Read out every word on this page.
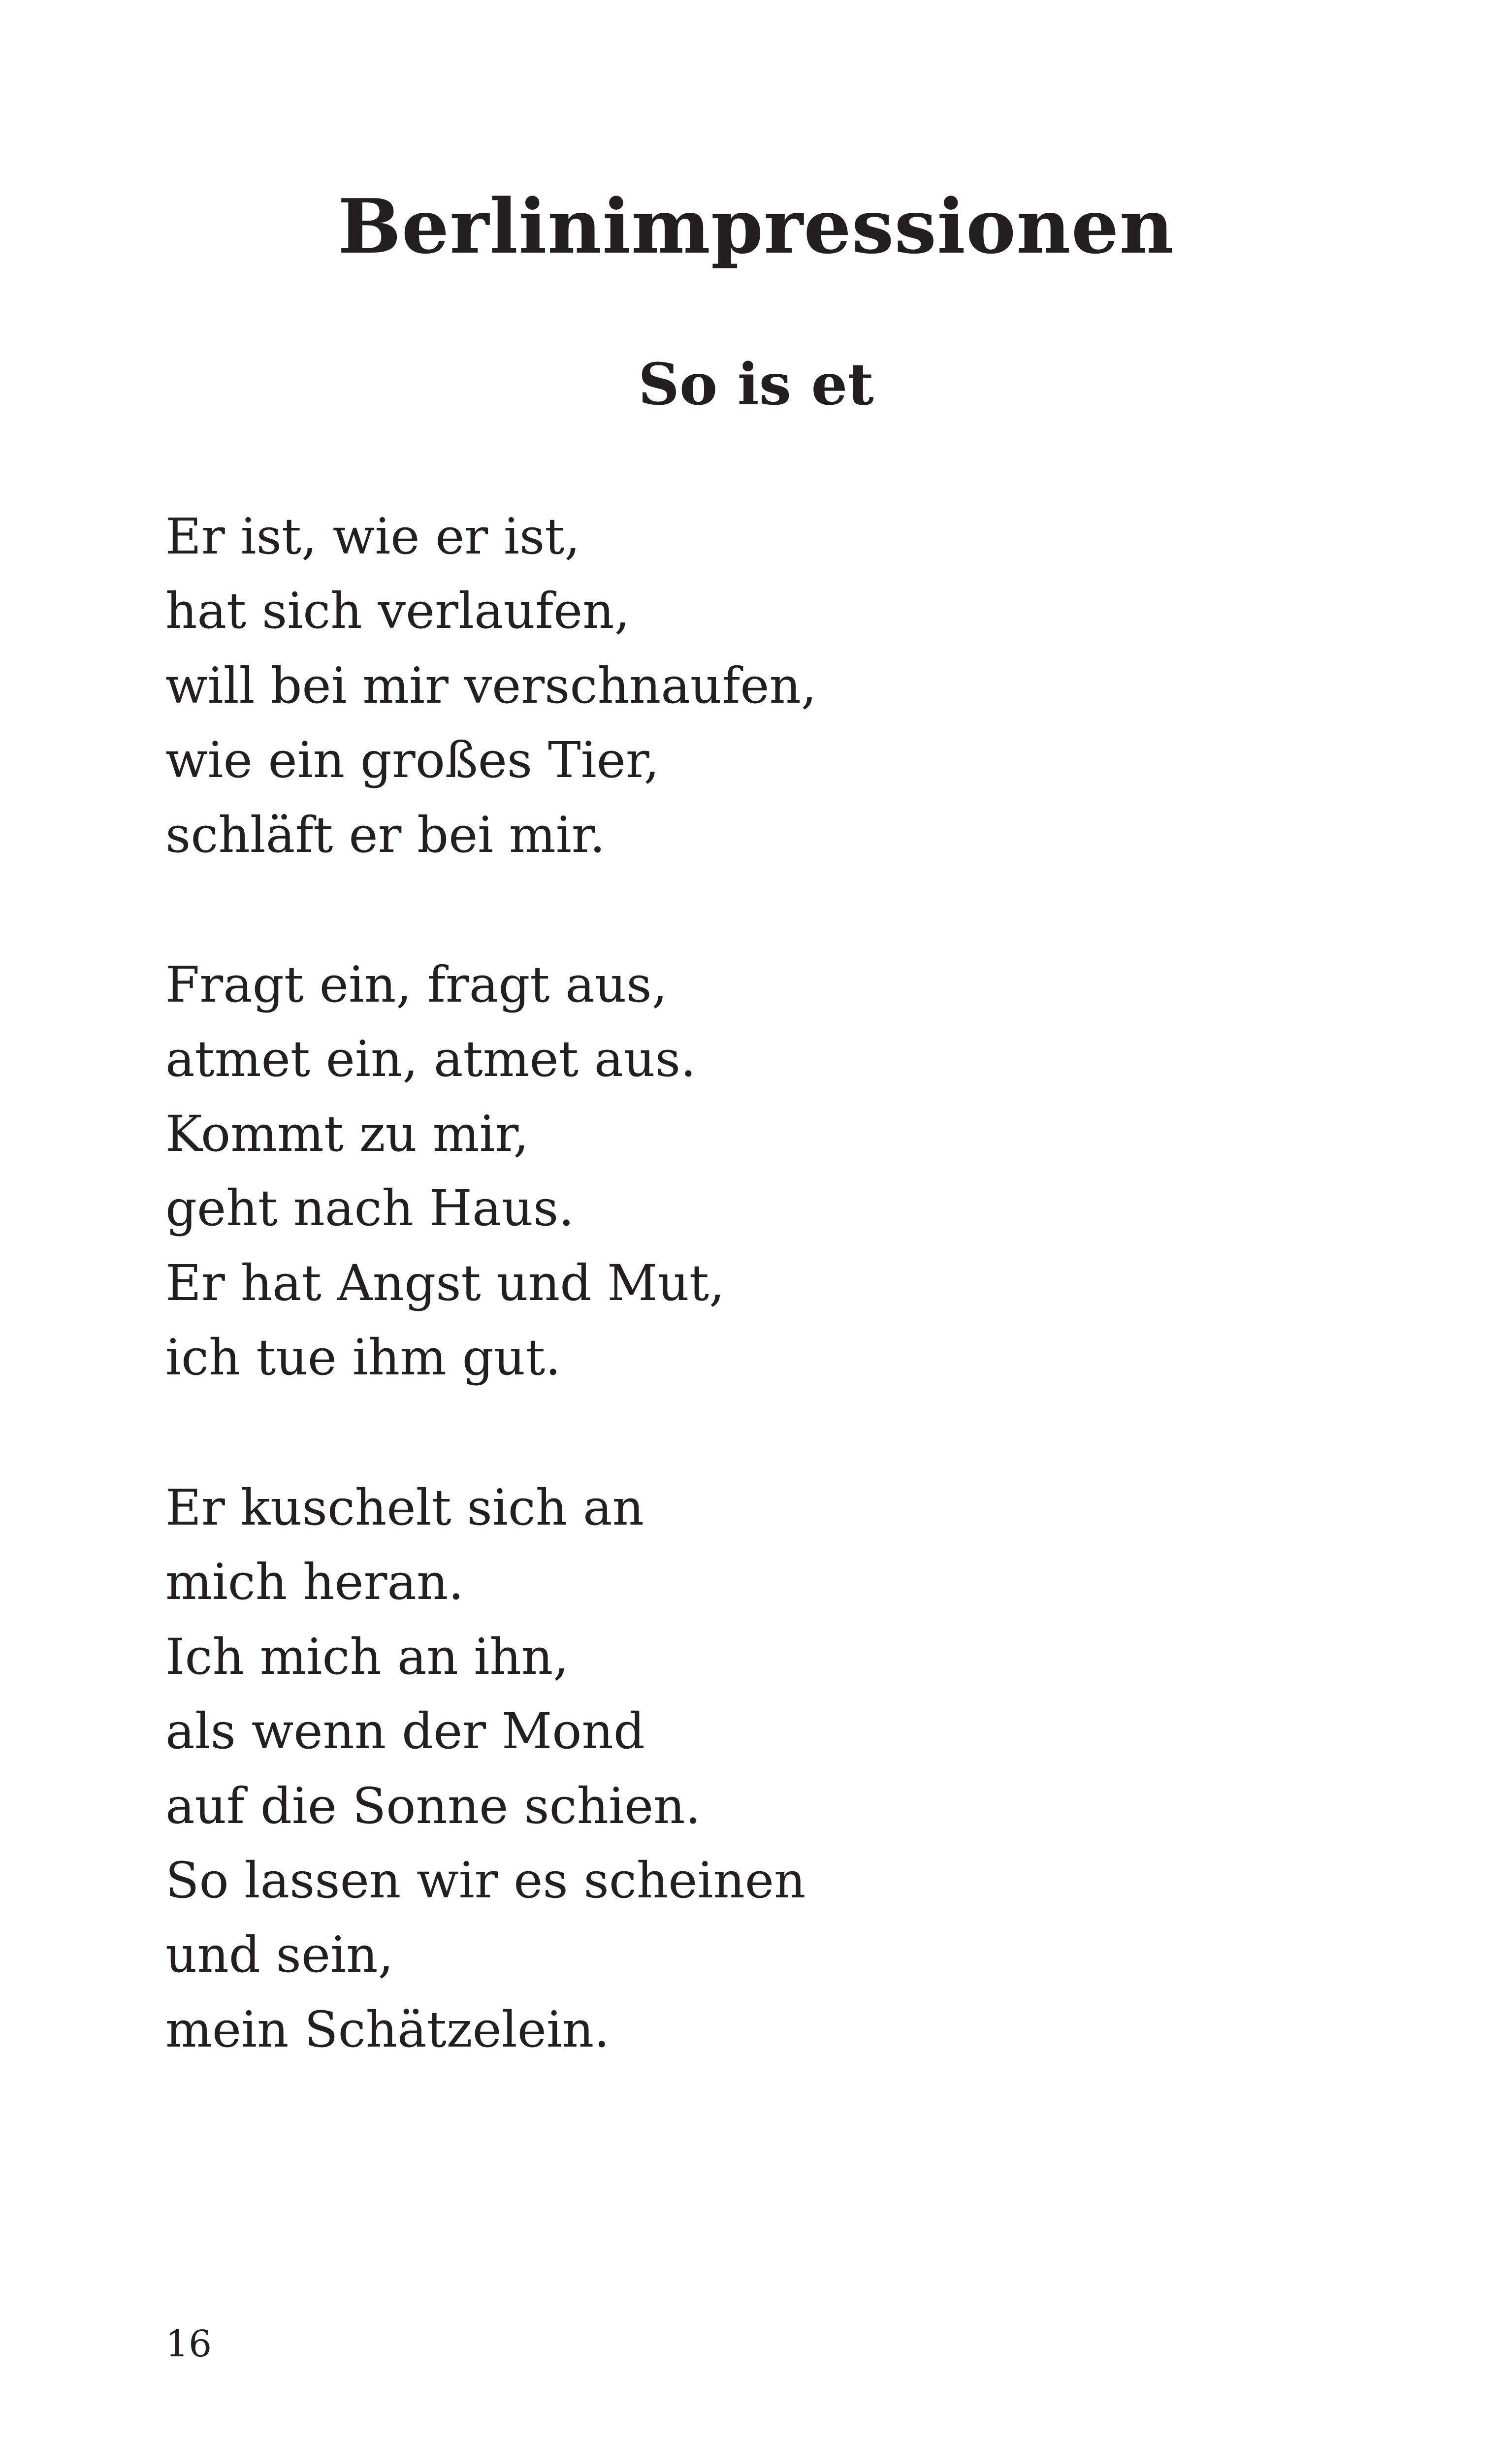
Berlinimpressionen
So is et
Er ist, wie er ist,
hat sich verlaufen,
will bei mir verschnaufen,
wie ein großes Tier,
schläft er bei mir.
Fragt ein, fragt aus,
atmet ein, atmet aus.
Kommt zu mir,
geht nach Haus.
Er hat Angst und Mut,
ich tue ihm gut.
Er kuschelt sich an
mich heran.
Ich mich an ihn,
als wenn der Mond
auf die Sonne schien.
So lassen wir es scheinen
und sein,
mein Schätzelein.

16
